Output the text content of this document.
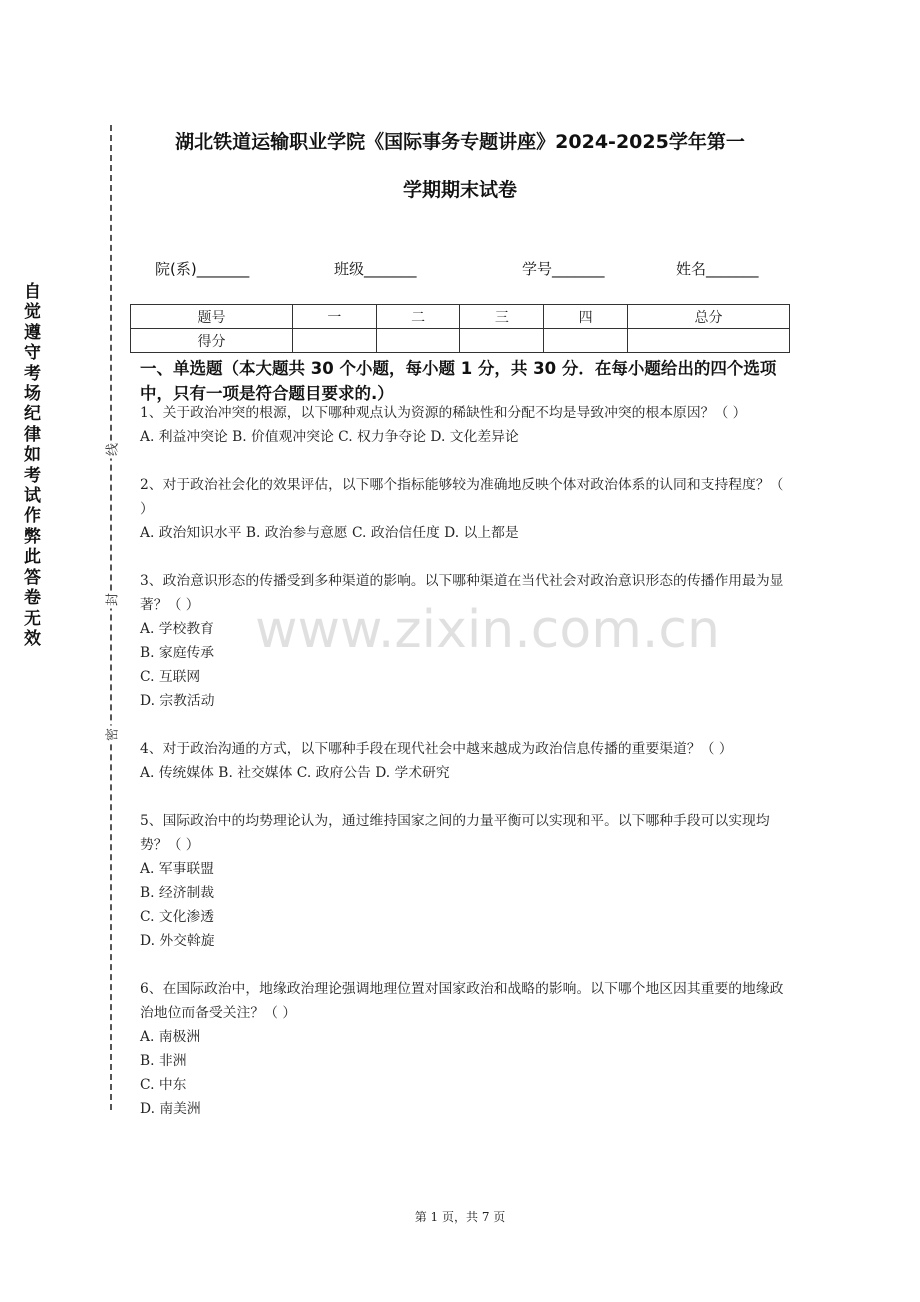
湖北铁道运输职业学院《国际事务专题讲座》2024-2025学年第一
学期期末试卷
线
封
密
自觉遵守考场纪律如考试作弊此答卷无效
院(系)_______	班级_______	学号_______	姓名_______
题号	一	二	三	四	总分
得分					
一、单选题（本大题共 30 个小题，每小题 1 分，共 30 分．在每小题给出的四个选项中，只有一项是符合题目要求的.）
www.zixin.com.cn
1、关于政治冲突的根源，以下哪种观点认为资源的稀缺性和分配不均是导致冲突的根本原因？（ ）
A. 利益冲突论 B. 价值观冲突论 C. 权力争夺论 D. 文化差异论
2、对于政治社会化的效果评估，以下哪个指标能够较为准确地反映个体对政治体系的认同和支持程度？（ ）
A. 政治知识水平 B. 政治参与意愿 C. 政治信任度 D. 以上都是
3、政治意识形态的传播受到多种渠道的影响。以下哪种渠道在当代社会对政治意识形态的传播作用最为显著？（ ）
A. 学校教育
B. 家庭传承
C. 互联网
D. 宗教活动
4、对于政治沟通的方式，以下哪种手段在现代社会中越来越成为政治信息传播的重要渠道？（ ）
A. 传统媒体 B. 社交媒体 C. 政府公告 D. 学术研究
5、国际政治中的均势理论认为，通过维持国家之间的力量平衡可以实现和平。以下哪种手段可以实现均势？（ ）
A. 军事联盟
B. 经济制裁
C. 文化渗透
D. 外交斡旋
6、在国际政治中，地缘政治理论强调地理位置对国家政治和战略的影响。以下哪个地区因其重要的地缘政治地位而备受关注？（ ）
A. 南极洲
B. 非洲
C. 中东
D. 南美洲
第 1 页，共 7 页
